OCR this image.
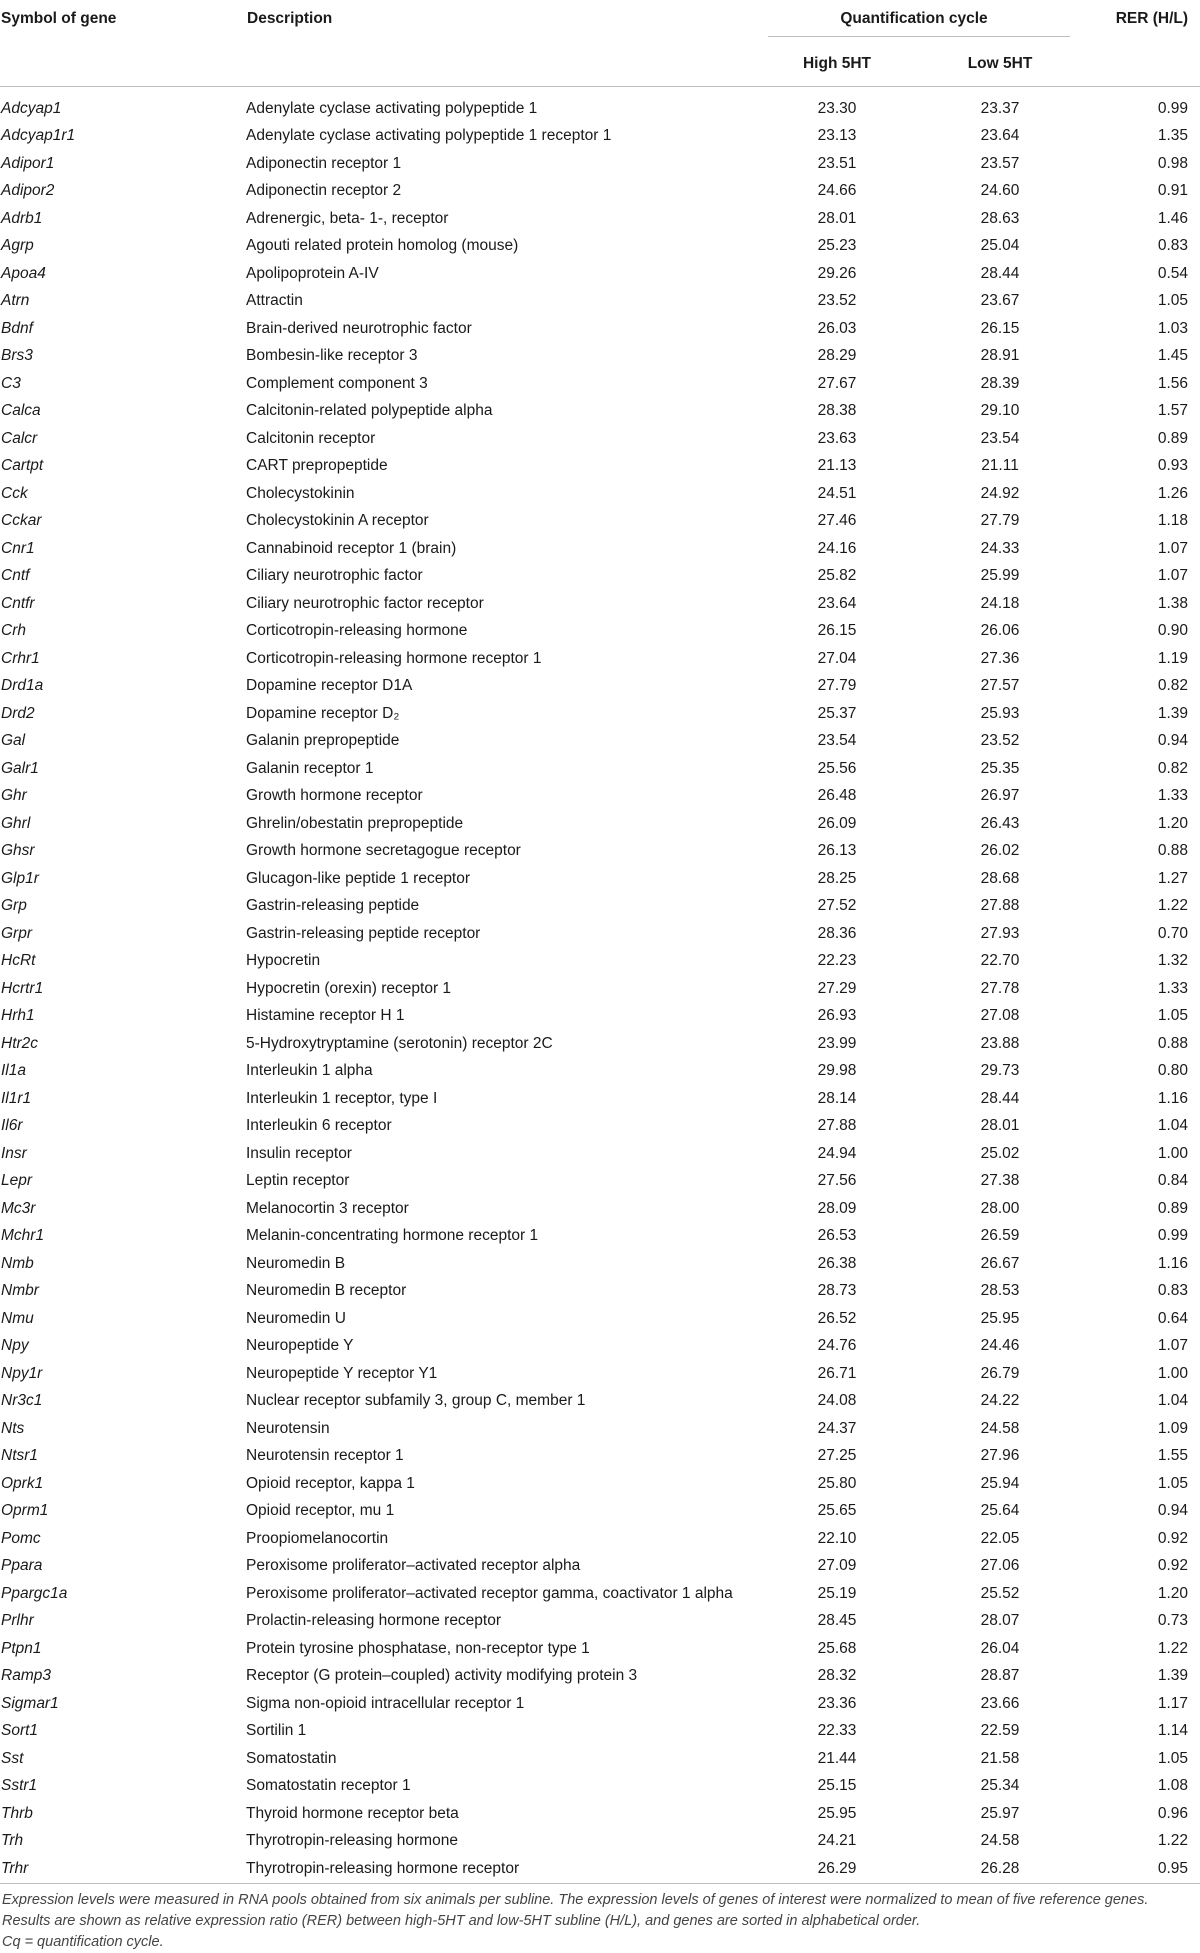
Symbol of gene	Description	Quantification cycle		RER (H/L)
		High 5HT	Low 5HT	
Adcyap1	Adenylate cyclase activating polypeptide 1	23.30	23.37	0.99
Adcyap1r1	Adenylate cyclase activating polypeptide 1 receptor 1	23.13	23.64	1.35
Adipor1	Adiponectin receptor 1	23.51	23.57	0.98
Adipor2	Adiponectin receptor 2	24.66	24.60	0.91
Adrb1	Adrenergic, beta- 1-, receptor	28.01	28.63	1.46
Agrp	Agouti related protein homolog (mouse)	25.23	25.04	0.83
Apoa4	Apolipoprotein A-IV	29.26	28.44	0.54
Atrn	Attractin	23.52	23.67	1.05
Bdnf	Brain-derived neurotrophic factor	26.03	26.15	1.03
Brs3	Bombesin-like receptor 3	28.29	28.91	1.45
C3	Complement component 3	27.67	28.39	1.56
Calca	Calcitonin-related polypeptide alpha	28.38	29.10	1.57
Calcr	Calcitonin receptor	23.63	23.54	0.89
Cartpt	CART prepropeptide	21.13	21.11	0.93
Cck	Cholecystokinin	24.51	24.92	1.26
Cckar	Cholecystokinin A receptor	27.46	27.79	1.18
Cnr1	Cannabinoid receptor 1 (brain)	24.16	24.33	1.07
Cntf	Ciliary neurotrophic factor	25.82	25.99	1.07
Cntfr	Ciliary neurotrophic factor receptor	23.64	24.18	1.38
Crh	Corticotropin-releasing hormone	26.15	26.06	0.90
Crhr1	Corticotropin-releasing hormone receptor 1	27.04	27.36	1.19
Drd1a	Dopamine receptor D1A	27.79	27.57	0.82
Drd2	Dopamine receptor D₂	25.37	25.93	1.39
Gal	Galanin prepropeptide	23.54	23.52	0.94
Galr1	Galanin receptor 1	25.56	25.35	0.82
Ghr	Growth hormone receptor	26.48	26.97	1.33
Ghrl	Ghrelin/obestatin prepropeptide	26.09	26.43	1.20
Ghsr	Growth hormone secretagogue receptor	26.13	26.02	0.88
Glp1r	Glucagon-like peptide 1 receptor	28.25	28.68	1.27
Grp	Gastrin-releasing peptide	27.52	27.88	1.22
Grpr	Gastrin-releasing peptide receptor	28.36	27.93	0.70
HcRt	Hypocretin	22.23	22.70	1.32
Hcrtr1	Hypocretin (orexin) receptor 1	27.29	27.78	1.33
Hrh1	Histamine receptor H 1	26.93	27.08	1.05
Htr2c	5-Hydroxytryptamine (serotonin) receptor 2C	23.99	23.88	0.88
Il1a	Interleukin 1 alpha	29.98	29.73	0.80
Il1r1	Interleukin 1 receptor, type I	28.14	28.44	1.16
Il6r	Interleukin 6 receptor	27.88	28.01	1.04
Insr	Insulin receptor	24.94	25.02	1.00
Lepr	Leptin receptor	27.56	27.38	0.84
Mc3r	Melanocortin 3 receptor	28.09	28.00	0.89
Mchr1	Melanin-concentrating hormone receptor 1	26.53	26.59	0.99
Nmb	Neuromedin B	26.38	26.67	1.16
Nmbr	Neuromedin B receptor	28.73	28.53	0.83
Nmu	Neuromedin U	26.52	25.95	0.64
Npy	Neuropeptide Y	24.76	24.46	1.07
Npy1r	Neuropeptide Y receptor Y1	26.71	26.79	1.00
Nr3c1	Nuclear receptor subfamily 3, group C, member 1	24.08	24.22	1.04
Nts	Neurotensin	24.37	24.58	1.09
Ntsr1	Neurotensin receptor 1	27.25	27.96	1.55
Oprk1	Opioid receptor, kappa 1	25.80	25.94	1.05
Oprm1	Opioid receptor, mu 1	25.65	25.64	0.94
Pomc	Proopiomelanocortin	22.10	22.05	0.92
Ppara	Peroxisome proliferator–activated receptor alpha	27.09	27.06	0.92
Ppargc1a	Peroxisome proliferator–activated receptor gamma, coactivator 1 alpha	25.19	25.52	1.20
Prlhr	Prolactin-releasing hormone receptor	28.45	28.07	0.73
Ptpn1	Protein tyrosine phosphatase, non-receptor type 1	25.68	26.04	1.22
Ramp3	Receptor (G protein–coupled) activity modifying protein 3	28.32	28.87	1.39
Sigmar1	Sigma non-opioid intracellular receptor 1	23.36	23.66	1.17
Sort1	Sortilin 1	22.33	22.59	1.14
Sst	Somatostatin	21.44	21.58	1.05
Sstr1	Somatostatin receptor 1	25.15	25.34	1.08
Thrb	Thyroid hormone receptor beta	25.95	25.97	0.96
Trh	Thyrotropin-releasing hormone	24.21	24.58	1.22
Trhr	Thyrotropin-releasing hormone receptor	26.29	26.28	0.95
Expression levels were measured in RNA pools obtained from six animals per subline. The expression levels of genes of interest were normalized to mean of five reference genes. Results are shown as relative expression ratio (RER) between high-5HT and low-5HT subline (H/L), and genes are sorted in alphabetical order.
Cq = quantification cycle.
